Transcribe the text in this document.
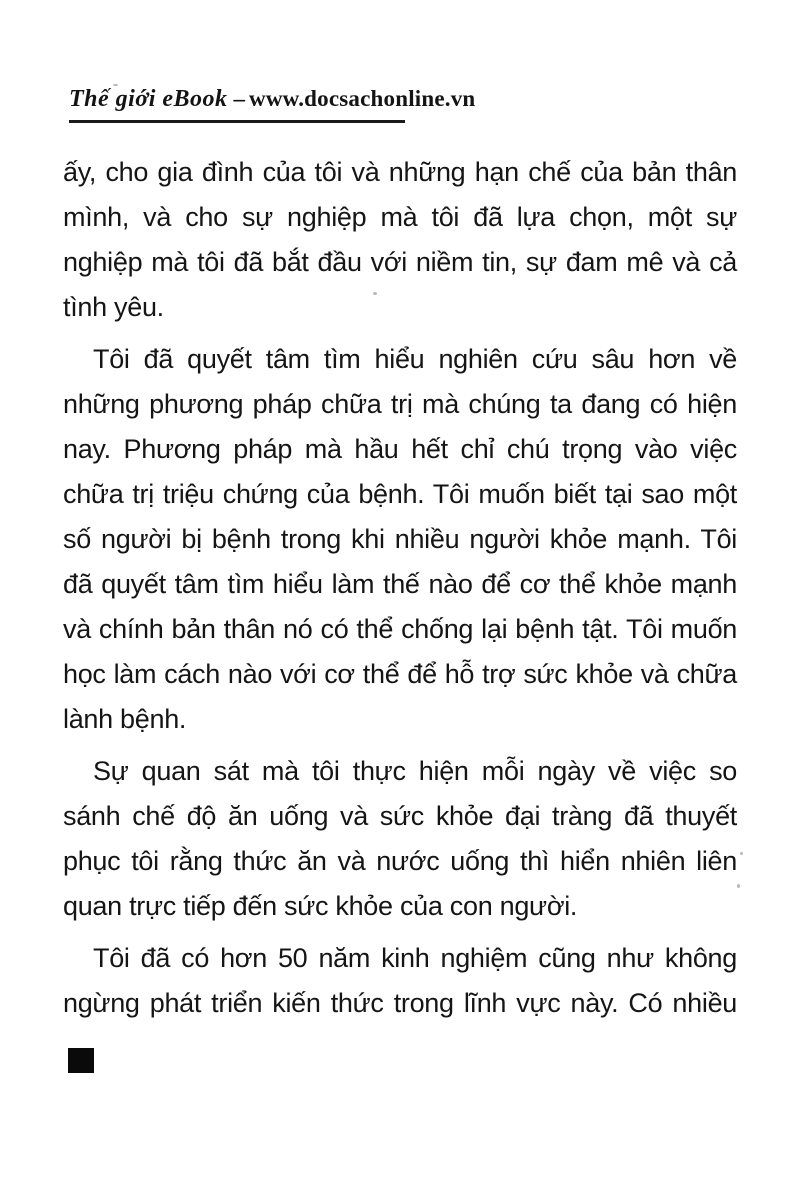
Thế giới eBook – www.docsachonline.vn
ấy, cho gia đình của tôi và những hạn chế của bản thân
mình, và cho sự nghiệp mà tôi đã lựa chọn, một sự
nghiệp mà tôi đã bắt đầu với niềm tin, sự đam mê và cả
tình yêu.
Tôi đã quyết tâm tìm hiểu nghiên cứu sâu hơn về
những phương pháp chữa trị mà chúng ta đang có hiện
nay. Phương pháp mà hầu hết chỉ chú trọng vào việc
chữa trị triệu chứng của bệnh. Tôi muốn biết tại sao một
số người bị bệnh trong khi nhiều người khỏe mạnh. Tôi
đã quyết tâm tìm hiểu làm thế nào để cơ thể khỏe mạnh
và chính bản thân nó có thể chống lại bệnh tật. Tôi muốn
học làm cách nào với cơ thể để hỗ trợ sức khỏe và chữa
lành bệnh.
Sự quan sát mà tôi thực hiện mỗi ngày về việc so
sánh chế độ ăn uống và sức khỏe đại tràng đã thuyết
phục tôi rằng thức ăn và nước uống thì hiển nhiên liên
quan trực tiếp đến sức khỏe của con người.
Tôi đã có hơn 50 năm kinh nghiệm cũng như không
ngừng phát triển kiến thức trong lĩnh vực này. Có nhiều
